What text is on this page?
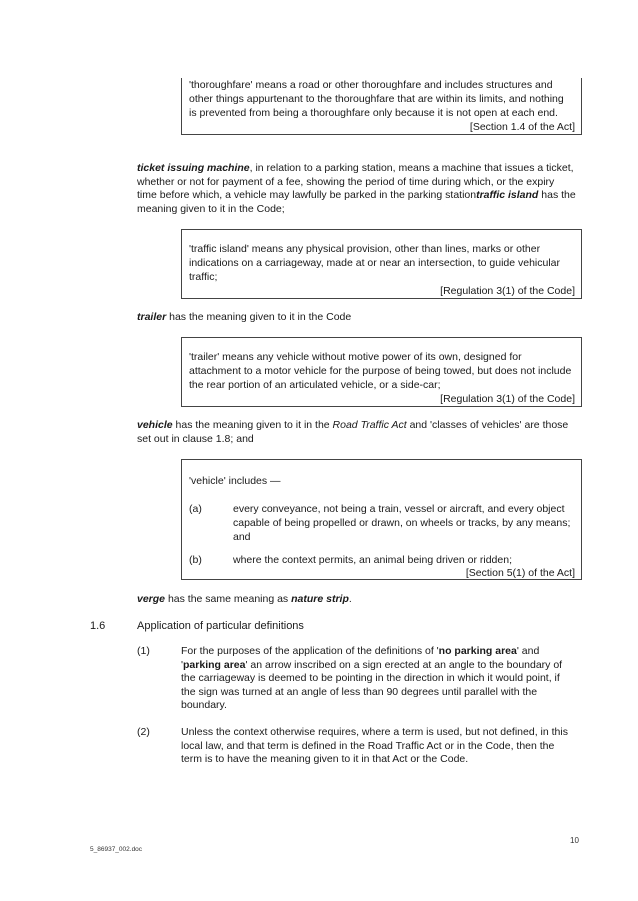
'thoroughfare' means a road or other thoroughfare and includes structures and other things appurtenant to the thoroughfare that are within its limits, and nothing is prevented from being a thoroughfare only because it is not open at each end.
[Section 1.4 of the Act]
ticket issuing machine, in relation to a parking station, means a machine that issues a ticket, whether or not for payment of a fee, showing the period of time during which, or the expiry time before which, a vehicle may lawfully be parked in the parking stationtraffic island has the meaning given to it in the Code;
'traffic island' means any physical provision, other than lines, marks or other indications on a carriageway, made at or near an intersection, to guide vehicular traffic;
[Regulation 3(1) of the Code]
trailer has the meaning given to it in the Code
'trailer' means any vehicle without motive power of its own, designed for attachment to a motor vehicle for the purpose of being towed, but does not include the rear portion of an articulated vehicle, or a side-car;
[Regulation 3(1) of the Code]
vehicle has the meaning given to it in the Road Traffic Act and 'classes of vehicles' are those set out in clause 1.8; and
'vehicle' includes —
(a)	every conveyance, not being a train, vessel or aircraft, and every object capable of being propelled or drawn, on wheels or tracks, by any means; and
(b)	where the context permits, an animal being driven or ridden;
[Section 5(1) of the Act]
verge has the same meaning as nature strip.
1.6	Application of particular definitions
(1)	For the purposes of the application of the definitions of 'no parking area' and 'parking area' an arrow inscribed on a sign erected at an angle to the boundary of the carriageway is deemed to be pointing in the direction in which it would point, if the sign was turned at an angle of less than 90 degrees until parallel with the boundary.
(2)	Unless the context otherwise requires, where a term is used, but not defined, in this local law, and that term is defined in the Road Traffic Act or in the Code, then the term is to have the meaning given to it in that Act or the Code.
5_86937_002.doc
10
